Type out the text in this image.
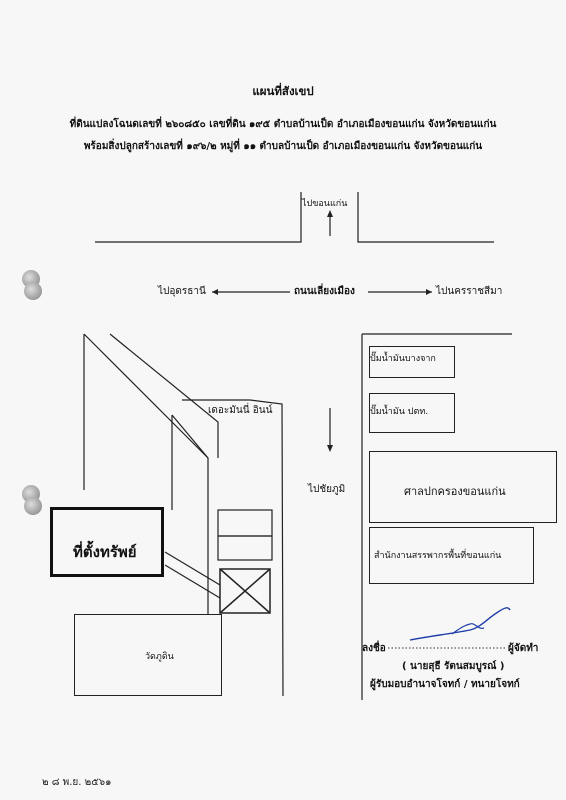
แผนที่สังเขป
ที่ดินแปลงโฉนดเลขที่ ๒๖๐๘๕๐ เลขที่ดิน ๑๙๕ ตำบลบ้านเป็ด อำเภอเมืองขอนแก่น จังหวัดขอนแก่น
พร้อมสิ่งปลูกสร้างเลขที่ ๑๙๖/๒ หมู่ที่ ๑๑ ตำบลบ้านเป็ด อำเภอเมืองขอนแก่น จังหวัดขอนแก่น
ไปขอนแก่น
ไปอุดรธานี	ถนนเลี่ยงเมือง	ไปนครราชสีมา
ไปชัยภูมิ
ปั๊มน้ำมันบางจาก
ปั๊มน้ำมัน ปตท.
เดอะมันนี่ อินน์
ศาลปกครองขอนแก่น
สำนักงานสรรพากรพื้นที่ขอนแก่น
ที่ตั้งทรัพย์
วัดภูดิน
ลงชื่อ	ผู้จัดทำ
( นายสุธี รัตนสมบูรณ์ )
ผู้รับมอบอำนาจโจทก์ / ทนายโจทก์
๒ ๘ พ.ย. ๒๕๖๑
